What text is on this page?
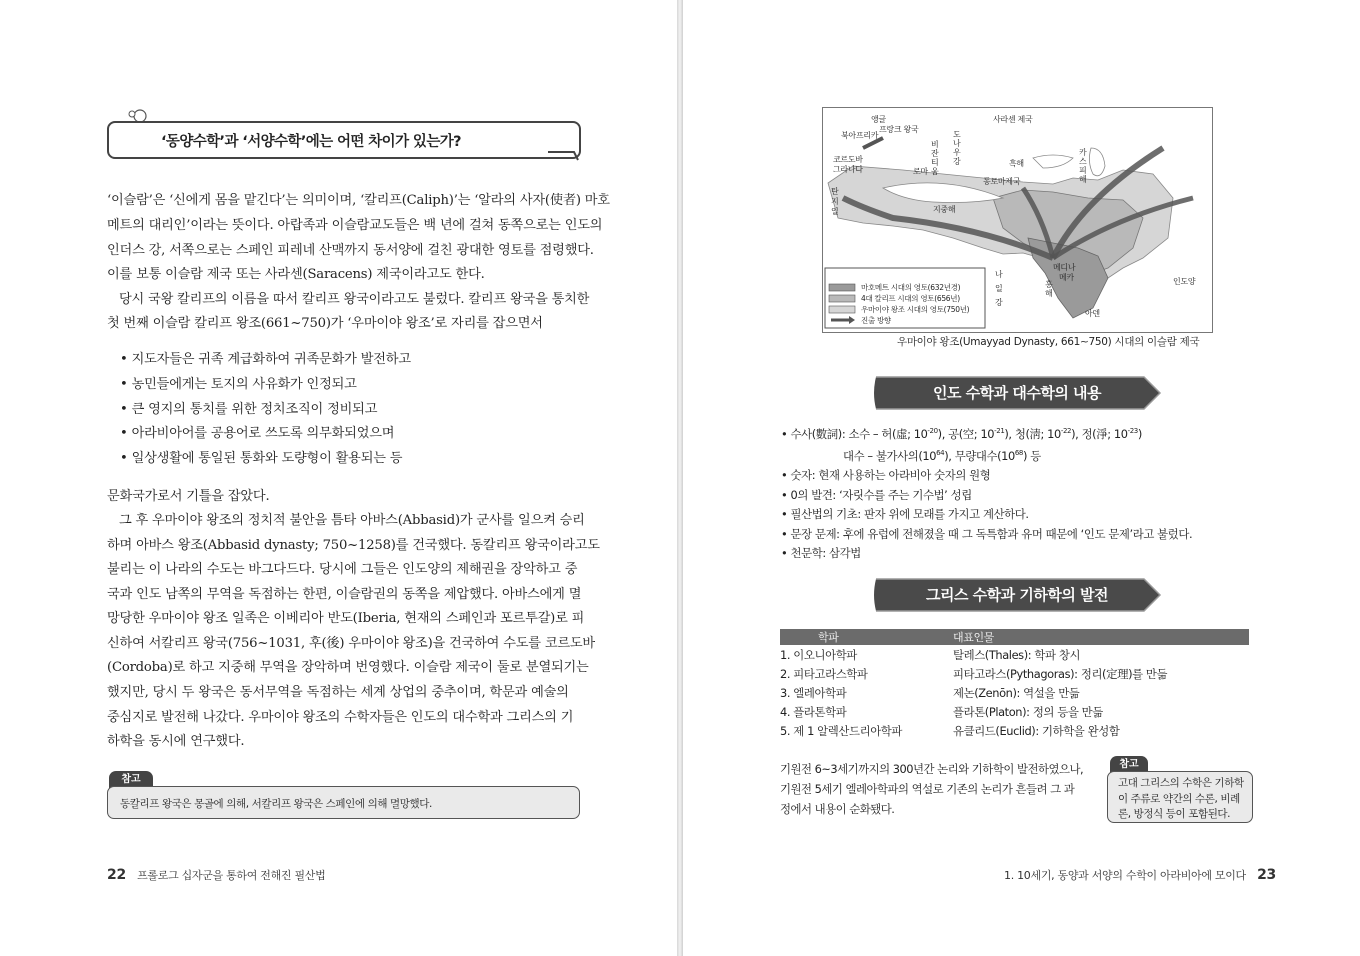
‘동양수학’과 ‘서양수학’에는 어떤 차이가 있는가?

‘이슬람’은 ‘신에게 몸을 맡긴다’는 의미이며, ‘칼리프(Caliph)’는 ‘알라의 사자(使者) 마호

메트의 대리인’이라는 뜻이다. 아랍족과 이슬람교도들은 백 년에 걸쳐 동쪽으로는 인도의

인더스 강, 서쪽으로는 스페인 피레네 산맥까지 동서양에 걸친 광대한 영토를 점령했다.

이를 보통 이슬람 제국 또는 사라센(Saracens) 제국이라고도 한다.

당시 국왕 칼리프의 이름을 따서 칼리프 왕국이라고도 불렀다. 칼리프 왕국을 통치한

첫 번째 이슬람 칼리프 왕조(661~750)가 ‘우마이야 왕조’로 자리를 잡으면서

• 지도자들은 귀족 계급화하여 귀족문화가 발전하고
• 농민들에게는 토지의 사유화가 인정되고
• 큰 영지의 통치를 위한 정치조직이 정비되고
• 아라비아어를 공용어로 쓰도록 의무화되었으며
• 일상생활에 통일된 통화와 도량형이 활용되는 등

문화국가로서 기틀을 잡았다.

그 후 우마이야 왕조의 정치적 불안을 틈타 아바스(Abbasid)가 군사를 일으켜 승리

하며 아바스 왕조(Abbasid dynasty; 750~1258)를 건국했다. 동칼리프 왕국이라고도

불리는 이 나라의 수도는 바그다드다. 당시에 그들은 인도양의 제해권을 장악하고 중

국과 인도 남쪽의 무역을 독점하는 한편, 이슬람권의 동쪽을 제압했다. 아바스에게 멸

망당한 우마이야 왕조 일족은 이베리아 반도(Iberia, 현재의 스페인과 포르투갈)로 피

신하여 서칼리프 왕국(756~1031, 후(後) 우마이야 왕조)을 건국하여 수도를 코르도바

(Cordoba)로 하고 지중해 무역을 장악하며 번영했다. 이슬람 제국이 둘로 분열되기는

했지만, 당시 두 왕국은 동서무역을 독점하는 세계 상업의 중추이며, 학문과 예술의

중심지로 발전해 나갔다. 우마이야 왕조의 수학자들은 인도의 대수학과 그리스의 기

하학을 동시에 연구했다.

참고
동칼리프 왕국은 몽골에 의해, 서칼리프 왕국은 스페인에 의해 멸망했다.
22 프롤로그 십자군을 통하여 전해진 필산법
마호메트 시대의 영토(632년경)
4대 칼리프 시대의 영토(656년)
우마이야 왕조 시대의 영토(750년)
진출 방향
사라센 제국
프랑크 왕국
앵글
북아프리카
코르도바
그라나다
도나우강	흑해
로마
동로마제국
비잔티움
카스피해
지중해
메디나
메카
나일강
홍해
아덴
인도양
탄
지
일
우마이야 왕조(Umayyad Dynasty, 661∼750) 시대의 이슬람 제국
인도 수학과 대수학의 내용
• 수사(數詞): 소수 – 허(虛; $10^{-20}$), 공(空; $10^{-21}$), 청(淸; $10^{-22}$), 정(淨; $10^{-23}$)
대수 – 불가사의$(10^{64})$, 무량대수$(10^{68})$ 등
• 숫자: 현재 사용하는 아라비아 숫자의 원형
• 0의 발견: ‘자릿수를 주는 기수법’ 성립
• 필산법의 기초: 판자 위에 모래를 가지고 계산하다.
• 문장 문제: 후에 유럽에 전해졌을 때 그 독특함과 유머 때문에 ‘인도 문제’라고 불렀다.
• 천문학: 삼각법
그리스 수학과 기하학의 발전
학파	대표인물
1. 이오니아학파	탈레스(Thales): 학파 창시
2. 피타고라스학파	피타고라스(Pythagoras): 정리(定理)를 만듦
3. 엘레아학파	제논(Zenōn): 역설을 만듦
4. 플라톤학파	플라톤(Platon): 정의 등을 만듦
5. 제 1 알렉산드리아학파	유클리드(Euclid): 기하학을 완성함
기원전 6~3세기까지의 300년간 논리와 기하학이 발전하였으나,
기원전 5세기 엘레아학파의 역설로 기존의 논리가 흔들려 그 과
정에서 내용이 순화됐다.
참고

고대 그리스의 수학은 기하학이 주류로 약간의 수론, 비례론, 방정식 등이 포함된다.

1. 10세기, 동양과 서양의 수학이 아라비아에 모이다 23
